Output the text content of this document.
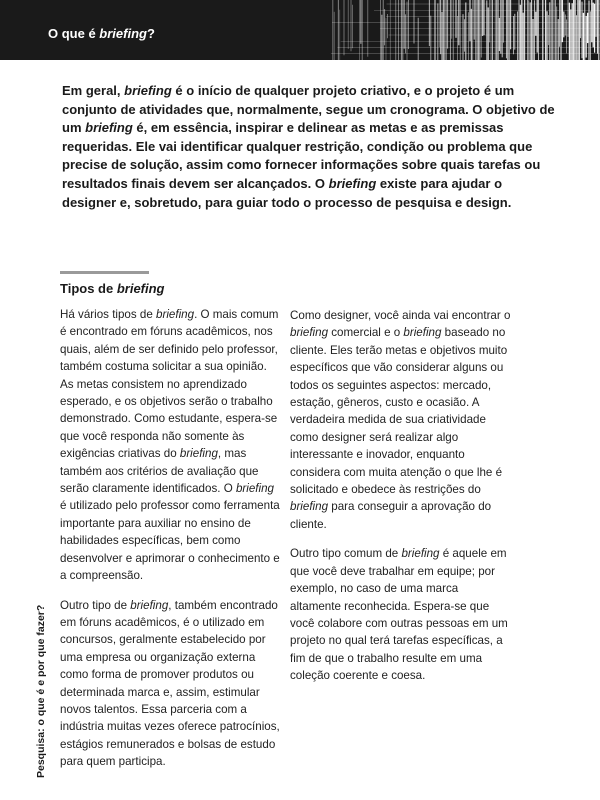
O que é briefing?
Em geral, briefing é o início de qualquer projeto criativo, e o projeto é um conjunto de atividades que, normalmente, segue um cronograma. O objetivo de um briefing é, em essência, inspirar e delinear as metas e as premissas requeridas. Ele vai identificar qualquer restrição, condição ou problema que precise de solução, assim como fornecer informações sobre quais tarefas ou resultados finais devem ser alcançados. O briefing existe para ajudar o designer e, sobretudo, para guiar todo o processo de pesquisa e design.
Tipos de briefing

Há vários tipos de briefing. O mais comum é encontrado em fóruns acadêmicos, nos quais, além de ser definido pelo professor, também costuma solicitar a sua opinião. As metas consistem no aprendizado esperado, e os objetivos serão o trabalho demonstrado. Como estudante, espera-se que você responda não somente às exigências criativas do briefing, mas também aos critérios de avaliação que serão claramente identificados. O briefing é utilizado pelo professor como ferramenta importante para auxiliar no ensino de habilidades específicas, bem como desenvolver e aprimorar o conhecimento e a compreensão.

Outro tipo de briefing, também encontrado em fóruns acadêmicos, é o utilizado em concursos, geralmente estabelecido por uma empresa ou organização externa como forma de promover produtos ou determinada marca e, assim, estimular novos talentos. Essa parceria com a indústria muitas vezes oferece patrocínios, estágios remunerados e bolsas de estudo para quem participa.

Como designer, você ainda vai encontrar o briefing comercial e o briefing baseado no cliente. Eles terão metas e objetivos muito específicos que vão considerar alguns ou todos os seguintes aspectos: mercado, estação, gêneros, custo e ocasião. A verdadeira medida de sua criatividade como designer será realizar algo interessante e inovador, enquanto considera com muita atenção o que lhe é solicitado e obedece às restrições do briefing para conseguir a aprovação do cliente.

Outro tipo comum de briefing é aquele em que você deve trabalhar em equipe; por exemplo, no caso de uma marca altamente reconhecida. Espera-se que você colabore com outras pessoas em um projeto no qual terá tarefas específicas, a fim de que o trabalho resulte em uma coleção coerente e coesa.

Pesquisa: o que é e por que fazer?
